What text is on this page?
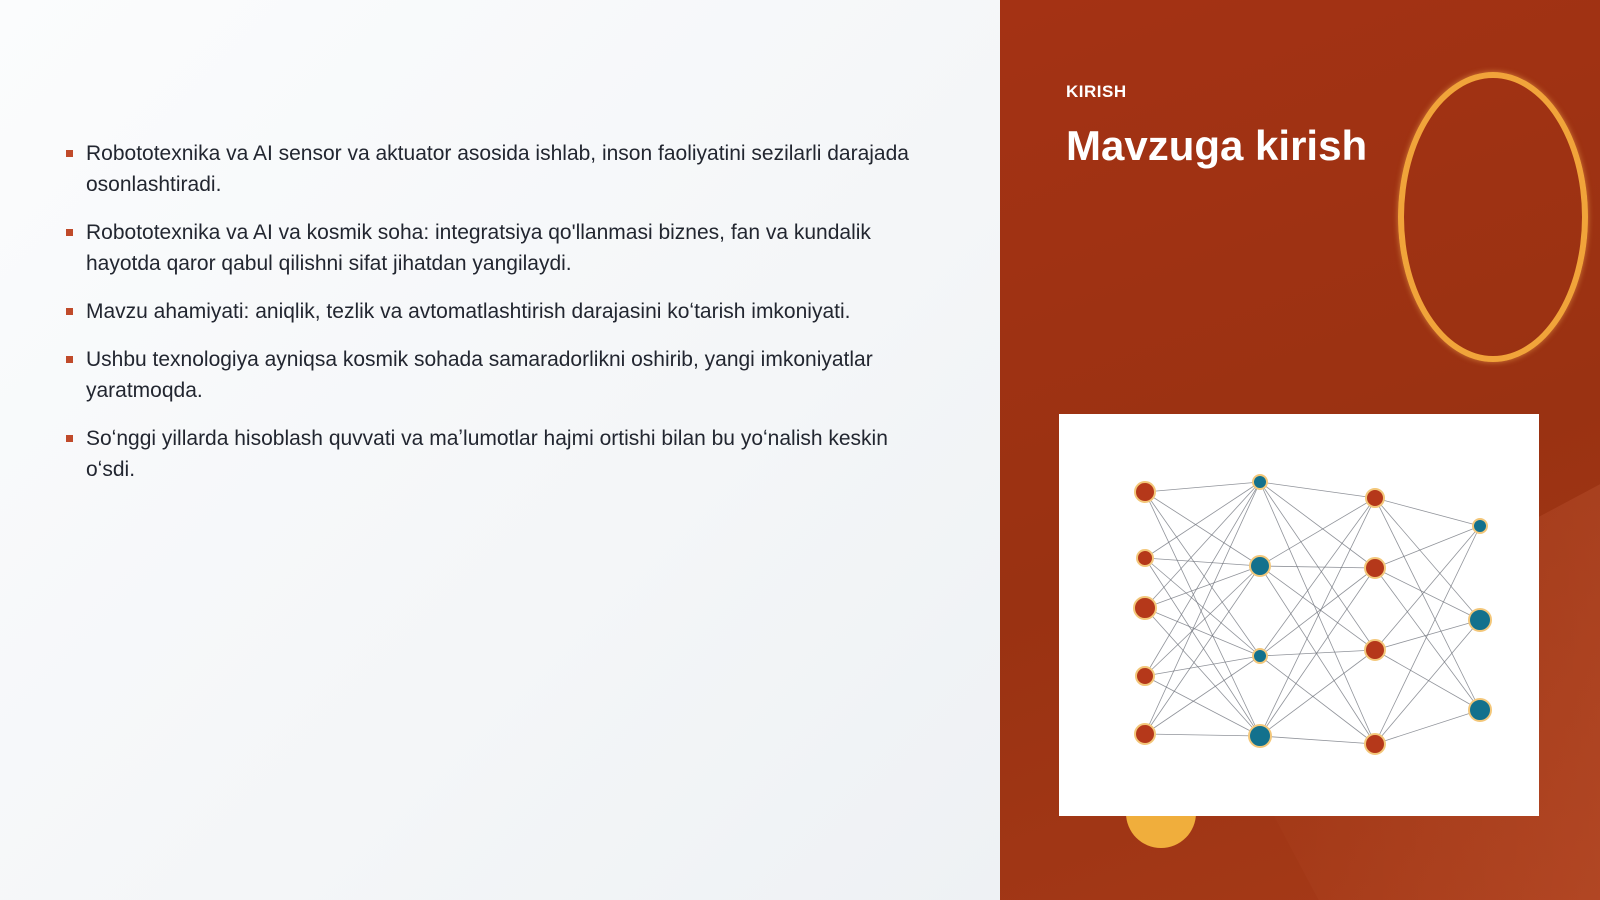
Robototexnika va AI sensor va aktuator asosida ishlab, inson faoliyatini sezilarli darajada osonlashtiradi.
Robototexnika va AI va kosmik soha: integratsiya qo'llanmasi biznes, fan va kundalik hayotda qaror qabul qilishni sifat jihatdan yangilaydi.
Mavzu ahamiyati: aniqlik, tezlik va avtomatlashtirish darajasini koʻtarish imkoniyati.
Ushbu texnologiya ayniqsa kosmik sohada samaradorlikni oshirib, yangi imkoniyatlar yaratmoqda.
Soʻnggi yillarda hisoblash quvvati va maʼlumotlar hajmi ortishi bilan bu yoʻnalish keskin oʻsdi.
KIRISH
Mavzuga kirish
